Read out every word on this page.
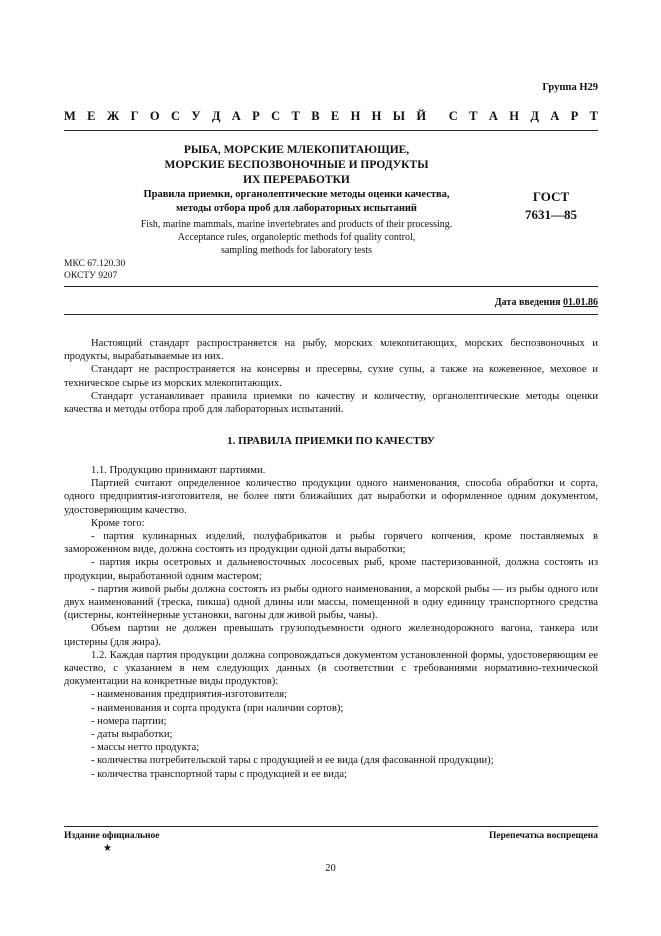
Группа Н29
М Е Ж Г О С У Д А Р С Т В Е Н Н Ы Й С Т А Н Д А Р Т
РЫБА, МОРСКИЕ МЛЕКОПИТАЮЩИЕ,
МОРСКИЕ БЕСПОЗВОНОЧНЫЕ И ПРОДУКТЫ
ИХ ПЕРЕРАБОТКИ
Правила приемки, органолептические методы оценки качества,
методы отбора проб для лабораторных испытаний
Fish, marine mammals, marine invertebrates and products of their processing.
Acceptance rules, organoleptic methods fof quality control,
sampling methods for laboratory tests
ГОСТ
7631—85
МКС 67.120.30
ОКСТУ 9207
Дата введения 01.01.86

Настоящий стандарт распространяется на рыбу, морских млекопитающих, морских беспозвоночных и продукты, вырабатываемые из них.

Стандарт не распространяется на консервы и пресервы, сухие супы, а также на кожевенное, меховое и техническое сырье из морских млекопитающих.

Стандарт устанавливает правила приемки по качеству и количеству, органолептические методы оценки качества и методы отбора проб для лабораторных испытаний.

1. ПРАВИЛА ПРИЕМКИ ПО КАЧЕСТВУ

1.1. Продукцию принимают партиями.

Партией считают определенное количество продукции одного наименования, способа обработки и сорта, одного предприятия-изготовителя, не более пяти ближайших дат выработки и оформленное одним документом, удостоверяющим качество.

Кроме того:

- партия кулинарных изделий, полуфабрикатов и рыбы горячего копчения, кроме поставляемых в замороженном виде, должна состоять из продукции одной даты выработки;

- партия икры осетровых и дальневосточных лососевых рыб, кроме пастеризованной, должна состоять из продукции, выработанной одним мастером;

- партия живой рыбы должна состоять из рыбы одного наименования, а морской рыбы — из рыбы одного или двух наименований (треска, пикша) одной длины или массы, помещенной в одну единицу транспортного средства (цистерны, контейнерные установки, вагоны для живой рыбы, чаны).

Объем партии не должен превышать грузоподъемности одного железнодорожного вагона, танкера или цистерны (для жира).

1.2. Каждая партия продукции должна сопровождаться документом установленной формы, удостоверяющим ее качество, с указанием в нем следующих данных (в соответствии с требованиями нормативно-технической документации на конкретные виды продуктов):

- наименования предприятия-изготовителя;

- наименования и сорта продукта (при наличии сортов);

- номера партии;

- даты выработки;

- массы нетто продукта;

- количества потребительской тары с продукцией и ее вида (для фасованной продукции);

- количества транспортной тары с продукцией и ее вида;

Издание официальное
★
Перепечатка воспрещена
20
